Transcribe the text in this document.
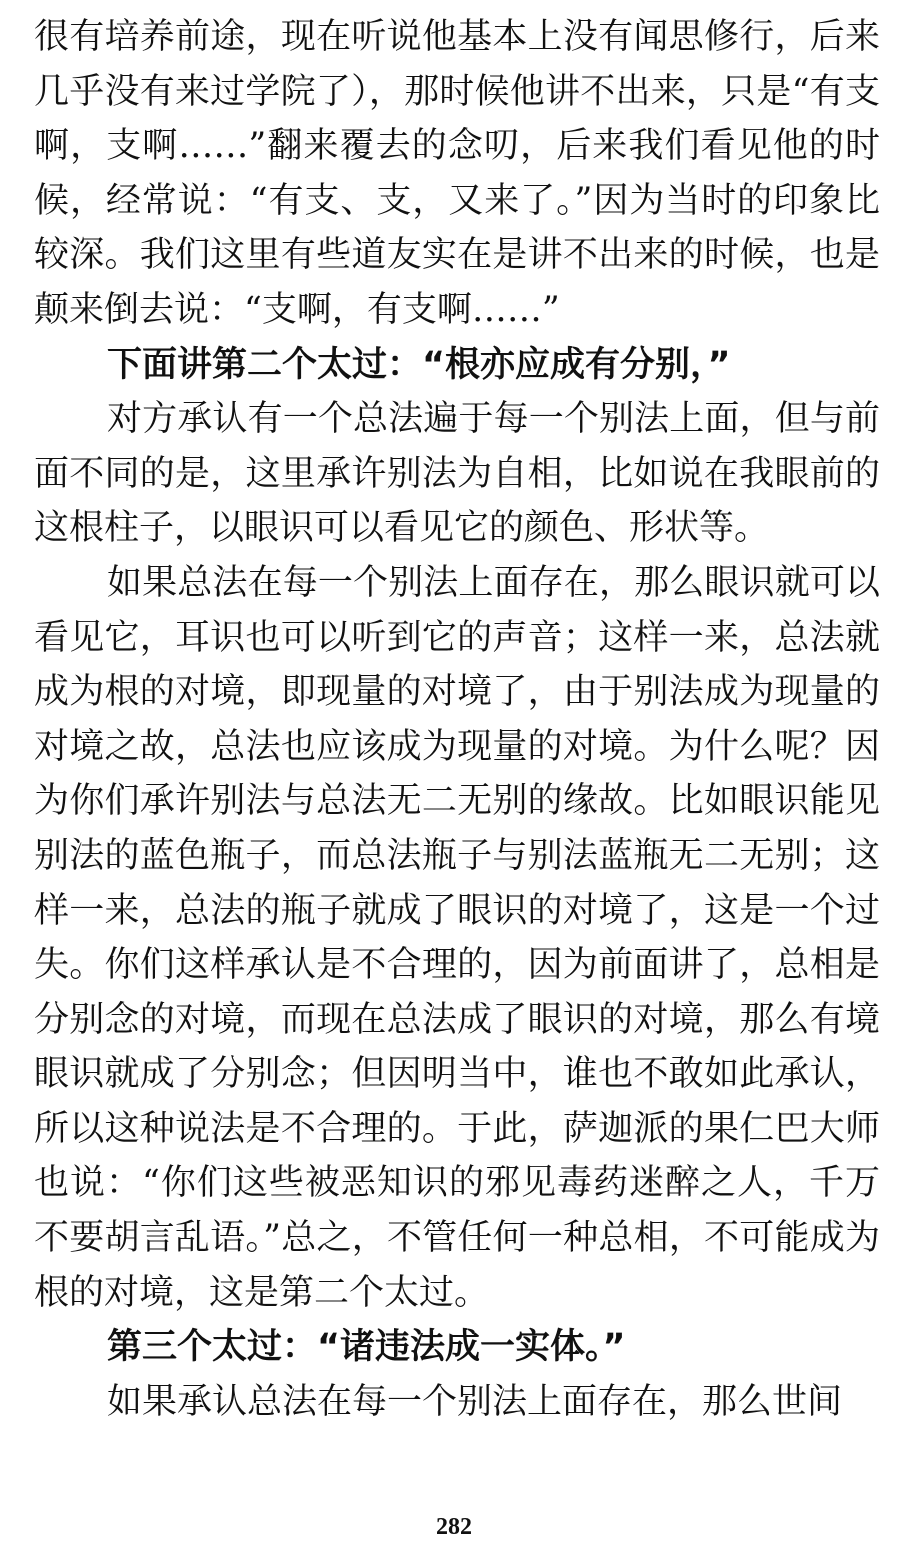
很有培养前途，现在听说他基本上没有闻思修行，后来几乎没有来过学院了），那时候他讲不出来，只是“有支啊，支啊……”翻来覆去的念叨，后来我们看见他的时候，经常说：“有支、支，又来了。”因为当时的印象比较深。我们这里有些道友实在是讲不出来的时候，也是颠来倒去说：“支啊，有支啊……”

下面讲第二个太过：“根亦应成有分别，”

对方承认有一个总法遍于每一个别法上面，但与前面不同的是，这里承许别法为自相，比如说在我眼前的这根柱子，以眼识可以看见它的颜色、形状等。

如果总法在每一个别法上面存在，那么眼识就可以看见它，耳识也可以听到它的声音；这样一来，总法就成为根的对境，即现量的对境了，由于别法成为现量的对境之故，总法也应该成为现量的对境。为什么呢？因为你们承许别法与总法无二无别的缘故。比如眼识能见别法的蓝色瓶子，而总法瓶子与别法蓝瓶无二无别；这样一来，总法的瓶子就成了眼识的对境了，这是一个过失。你们这样承认是不合理的，因为前面讲了，总相是分别念的对境，而现在总法成了眼识的对境，那么有境眼识就成了分别念；但因明当中，谁也不敢如此承认，所以这种说法是不合理的。于此，萨迦派的果仁巴大师也说：“你们这些被恶知识的邪见毒药迷醉之人，千万不要胡言乱语。”总之，不管任何一种总相，不可能成为根的对境，这是第二个太过。

第三个太过：“诸违法成一实体。”

如果承认总法在每一个别法上面存在，那么世间

282
